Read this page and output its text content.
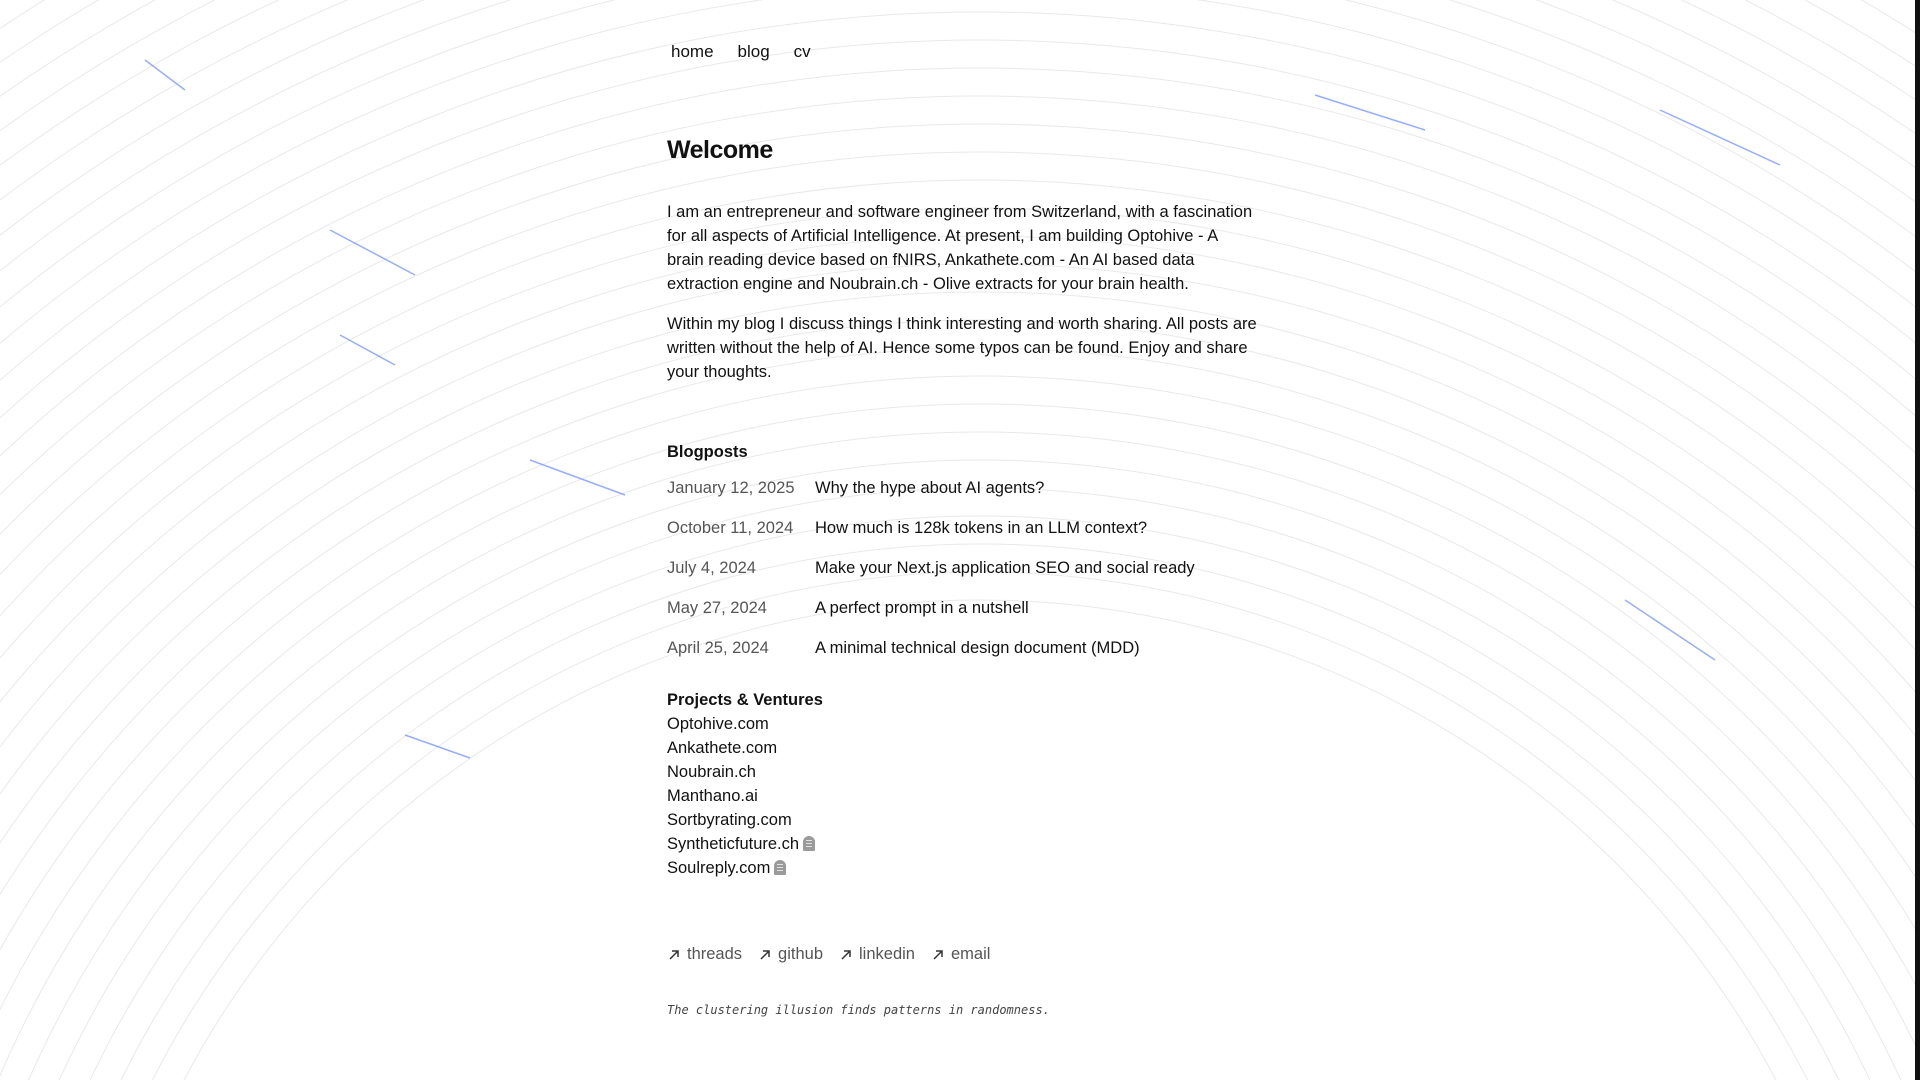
home blog cv
Welcome

I am an entrepreneur and software engineer from Switzerland, with a fascination for all aspects of Artificial Intelligence. At present, I am building Optohive - A brain reading device based on fNIRS, Ankathete.com - An AI based data extraction engine and Noubrain.ch - Olive extracts for your brain health.

Within my blog I discuss things I think interesting and worth sharing. All posts are written without the help of AI. Hence some typos can be found. Enjoy and share your thoughts.

Blogposts
January 12, 2025	Why the hype about AI agents?
October 11, 2024	How much is 128k tokens in an LLM context?
July 4, 2024	Make your Next.js application SEO and social ready
May 27, 2024	A perfect prompt in a nutshell
April 25, 2024	A minimal technical design document (MDD)
Projects & Ventures
Optohive.com
Ankathete.com
Noubrain.ch
Manthano.ai
Sortbyrating.com
Syntheticfuture.ch
Soulreply.com
threads github linkedin email
The clustering illusion finds patterns in randomness.
